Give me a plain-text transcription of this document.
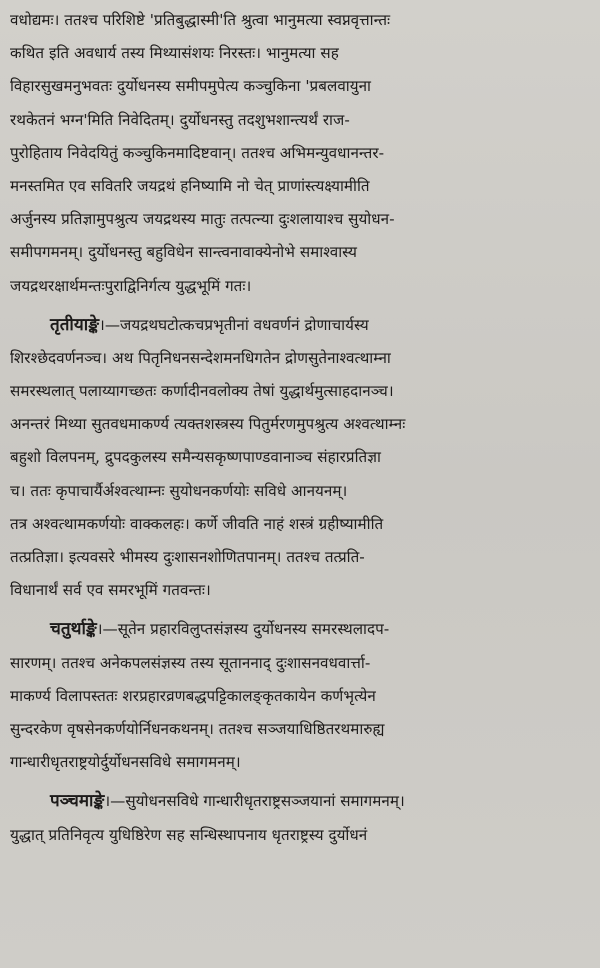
वधोद्यमः। ततश्च परिशिष्टे 'प्रतिबुद्धास्मी'ति श्रुत्वा भानुमत्या स्वप्नवृत्तान्तः
कथित इति अवधार्य तस्य मिथ्यासंशयः निरस्तः। भानुमत्या सह
विहारसुखमनुभवतः दुर्योधनस्य समीपमुपेत्य कञ्चुकिना 'प्रबलवायुना
रथकेतनं भग्न'मिति निवेदितम्। दुर्योधनस्तु तदशुभशान्त्यर्थं राज-
पुरोहिताय निवेदयितुं कञ्चुकिनमादिष्टवान्। ततश्च अभिमन्युवधानन्तर-
मनस्तमित एव सवितरि जयद्रथं हनिष्यामि नो चेत् प्राणांस्त्यक्ष्यामीति
अर्जुनस्य प्रतिज्ञामुपश्रुत्य जयद्रथस्य मातुः तत्पत्न्या दुःशलायाश्च सुयोधन-
समीपगमनम्। दुर्योधनस्तु बहुविधेन सान्त्वनावाक्येनोभे समाश्वास्य
जयद्रथरक्षार्थमन्तःपुराद्विनिर्गत्य युद्धभूमिं गतः।
तृतीयाङ्के।—जयद्रथघटोत्कचप्रभृतीनां वधवर्णनं द्रोणाचार्यस्य
शिरश्छेदवर्णनञ्च। अथ पितृनिधनसन्देशमनधिगतेन द्रोणसुतेनाश्वत्थाम्ना
समरस्थलात् पलाय्यागच्छतः कर्णादीनवलोक्य तेषां युद्धार्थमुत्साहदानञ्च।
अनन्तरं मिथ्या सुतवधमाकर्ण्य त्यक्तशस्त्रस्य पितुर्मरणमुपश्रुत्य अश्वत्थाम्नः
बहुशो विलपनम्, द्रुपदकुलस्य समैन्यसकृष्णपाण्डवानाञ्च संहारप्रतिज्ञा
च। ततः कृपाचार्यैर्अश्वत्थाम्नः सुयोधनकर्णयोः सविधे आनयनम्।
तत्र अश्वत्थामकर्णयोः वाक्कलहः। कर्णे जीवति नाहं शस्त्रं ग्रहीष्यामीति
तत्प्रतिज्ञा। इत्यवसरे भीमस्य दुःशासनशोणितपानम्। ततश्च तत्प्रति-
विधानार्थं सर्व एव समरभूमिं गतवन्तः।
चतुर्थाङ्के।—सूतेन प्रहारविलुप्तसंज्ञस्य दुर्योधनस्य समरस्थलादप-
सारणम्। ततश्च अनेकपलसंज्ञस्य तस्य सूताननाद् दुःशासनवधवार्त्ता-
माकर्ण्य विलापस्ततः शरप्रहारव्रणबद्धपट्टिकालङ्कृतकायेन कर्णभृत्येन
सुन्दरकेण वृषसेनकर्णयोर्निधनकथनम्। ततश्च सञ्जयाधिष्ठितरथमारुह्य
गान्धारीधृतराष्ट्रयोर्दुर्योधनसविधे समागमनम्।
पञ्चमाङ्के।—सुयोधनसविधे गान्धारीधृतराष्ट्रसञ्जयानां समागमनम्।
युद्धात् प्रतिनिवृत्य युधिष्ठिरेण सह सन्धिस्थापनाय धृतराष्ट्रस्य दुर्योधनं
